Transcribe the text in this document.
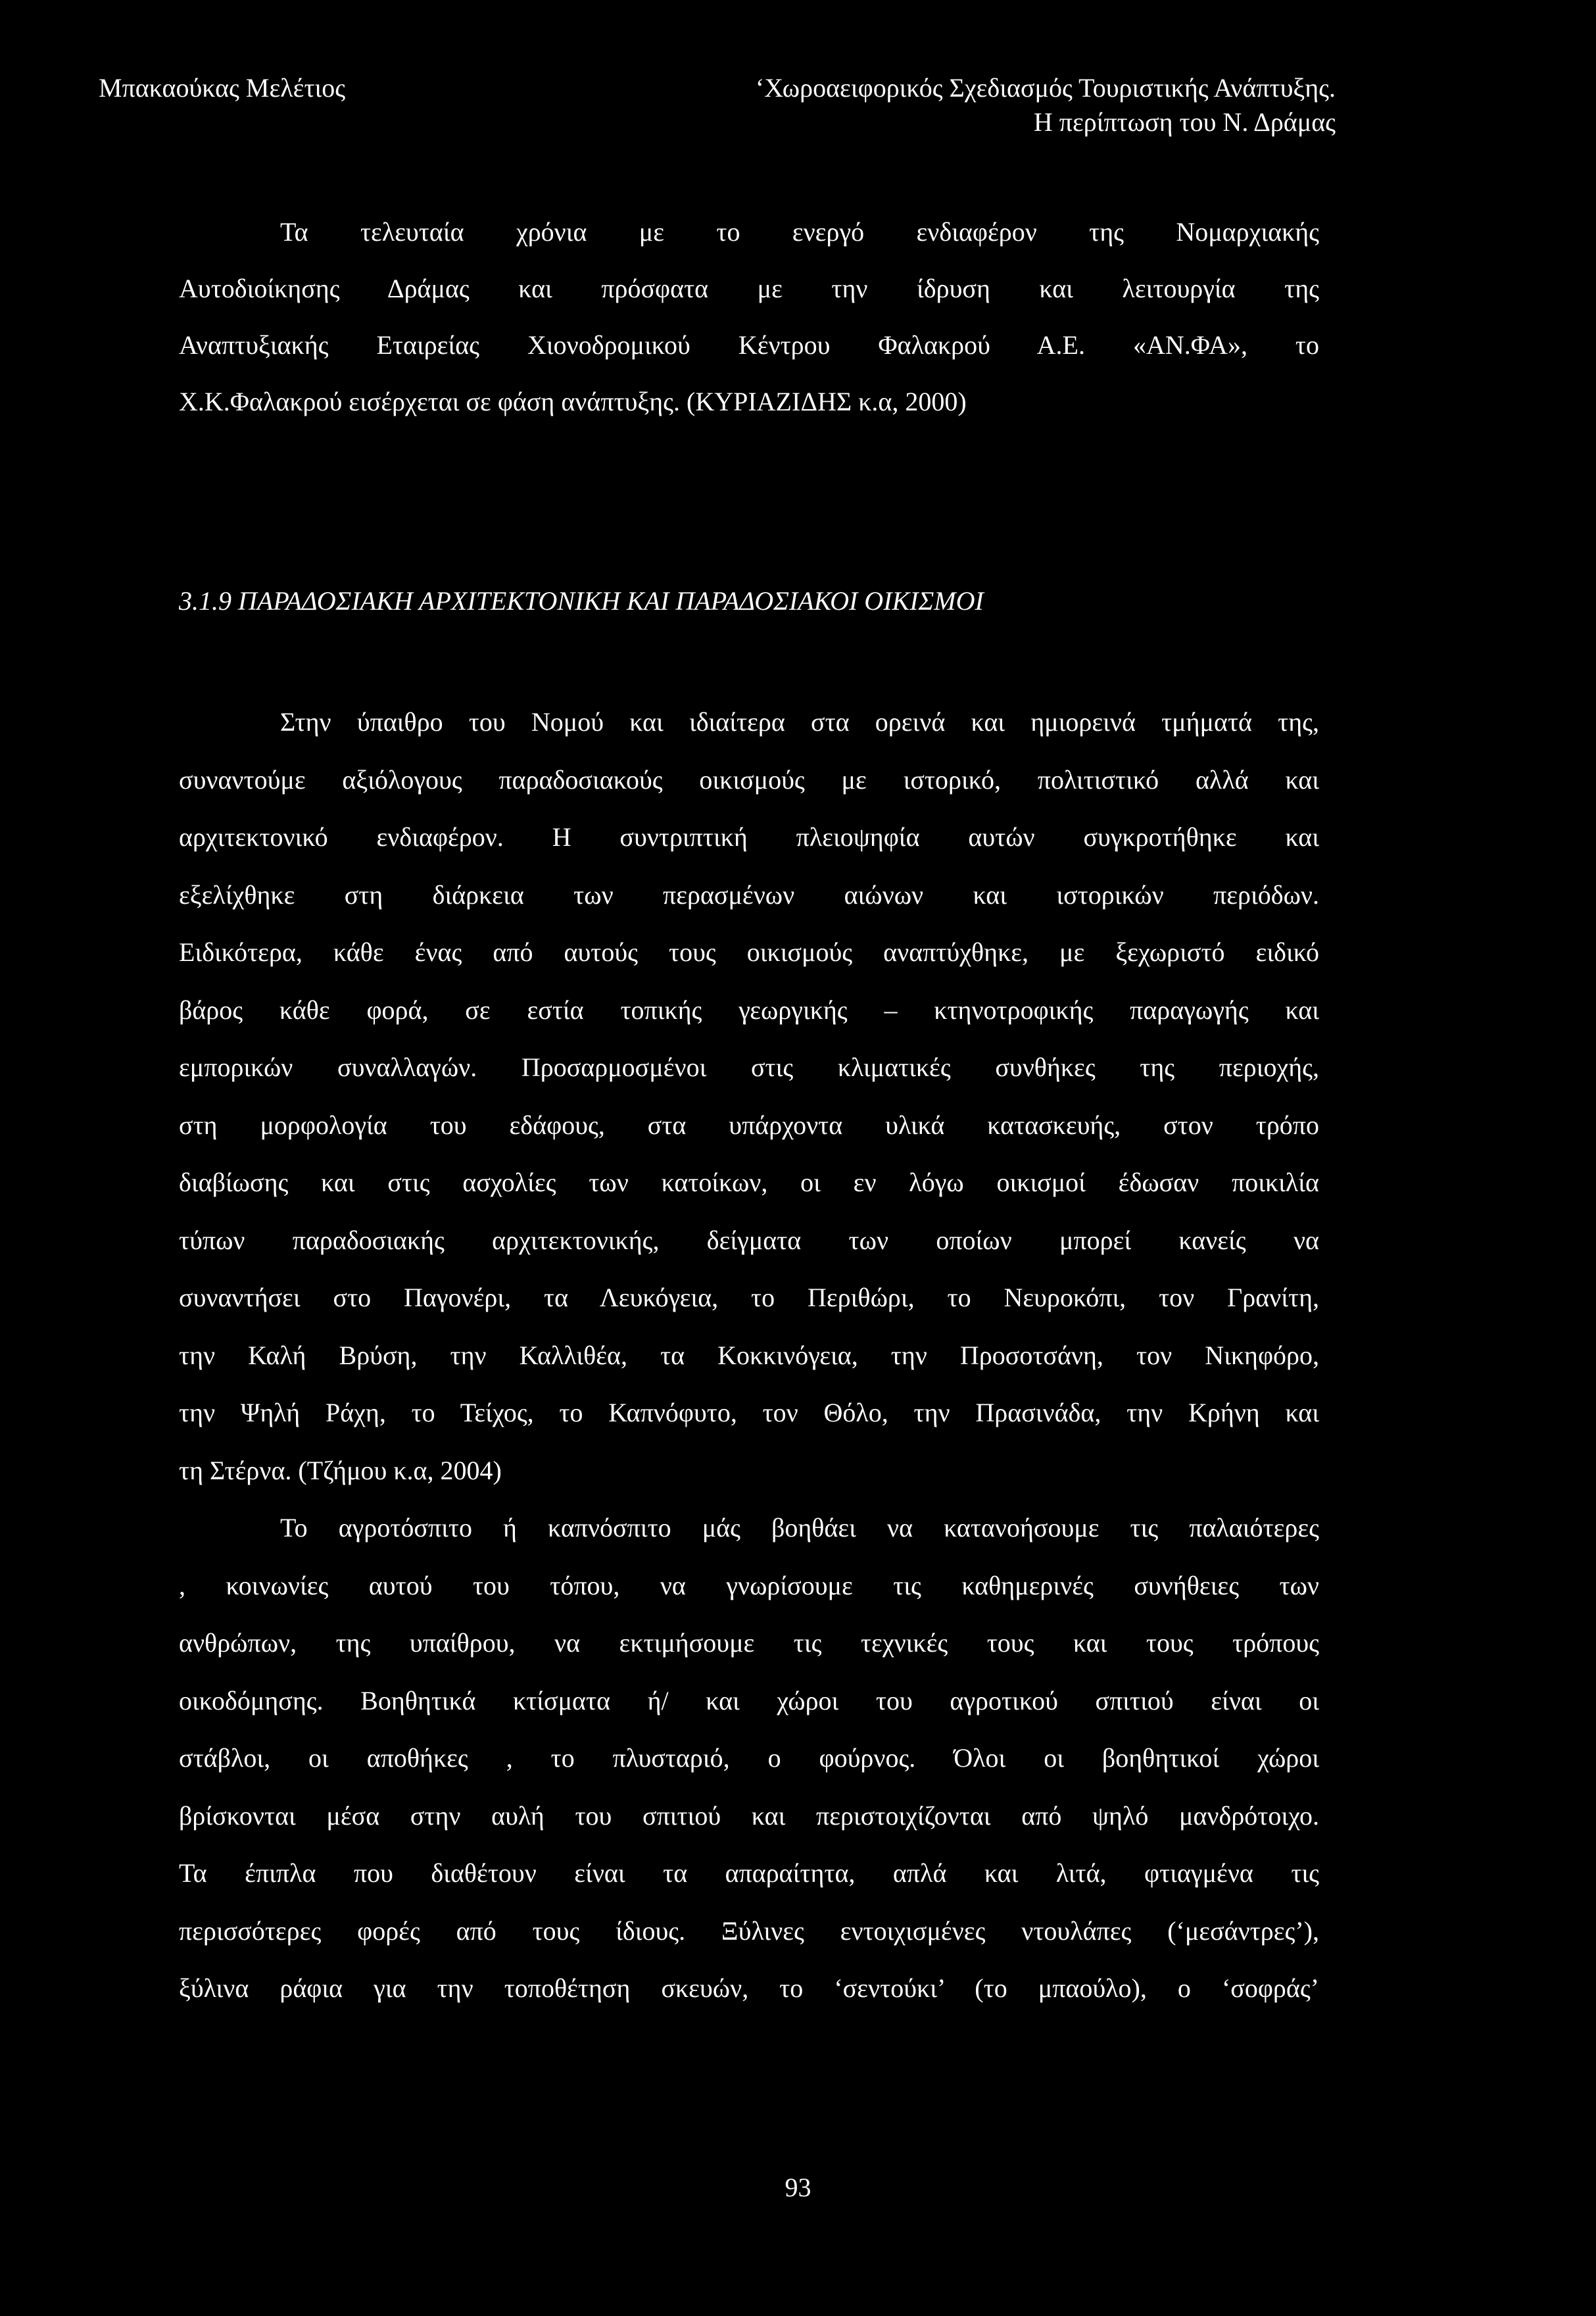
Μπακαούκας Μελέτιος	‘Χωροαειφορικός Σχεδιασμός Τουριστικής Ανάπτυξης.
Η περίπτωση του Ν. Δράμας
Τα τελευταία χρόνια με το ενεργό ενδιαφέρον της Νομαρχιακής
Αυτοδιοίκησης Δράμας και πρόσφατα με την ίδρυση και λειτουργία της
Αναπτυξιακής Εταιρείας Χιονοδρομικού Κέντρου Φαλακρού Α.Ε. «ΑΝ.ΦΑ», το
Χ.Κ.Φαλακρού εισέρχεται σε φάση ανάπτυξης. (ΚΥΡΙΑΖΙΔΗΣ κ.α, 2000)
3.1.9 ΠΑΡΑΔΟΣΙΑΚΗ ΑΡΧΙΤΕΚΤΟΝΙΚΗ ΚΑΙ ΠΑΡΑΔΟΣΙΑΚΟΙ ΟΙΚΙΣΜΟΙ
Στην ύπαιθρο του Νομού και ιδιαίτερα στα ορεινά και ημιορεινά τμήματά της,
συναντούμε αξιόλογους παραδοσιακούς οικισμούς με ιστορικό, πολιτιστικό αλλά και
αρχιτεκτονικό ενδιαφέρον. Η συντριπτική πλειοψηφία αυτών συγκροτήθηκε και
εξελίχθηκε στη διάρκεια των περασμένων αιώνων και ιστορικών περιόδων.
Ειδικότερα, κάθε ένας από αυτούς τους οικισμούς αναπτύχθηκε, με ξεχωριστό ειδικό
βάρος κάθε φορά, σε εστία τοπικής γεωργικής – κτηνοτροφικής παραγωγής και
εμπορικών συναλλαγών. Προσαρμοσμένοι στις κλιματικές συνθήκες της περιοχής,
στη μορφολογία του εδάφους, στα υπάρχοντα υλικά κατασκευής, στον τρόπο
διαβίωσης και στις ασχολίες των κατοίκων, οι εν λόγω οικισμοί έδωσαν ποικιλία
τύπων παραδοσιακής αρχιτεκτονικής, δείγματα των οποίων μπορεί κανείς να
συναντήσει στο Παγονέρι, τα Λευκόγεια, το Περιθώρι, το Νευροκόπι, τον Γρανίτη,
την Καλή Βρύση, την Καλλιθέα, τα Κοκκινόγεια, την Προσοτσάνη, τον Νικηφόρο,
την Ψηλή Ράχη, το Τείχος, το Καπνόφυτο, τον Θόλο, την Πρασινάδα, την Κρήνη και
τη Στέρνα. (Τζήμου κ.α, 2004)
Το αγροτόσπιτο ή καπνόσπιτο μάς βοηθάει να κατανοήσουμε τις παλαιότερες
, κοινωνίες αυτού του τόπου, να γνωρίσουμε τις καθημερινές συνήθειες των
ανθρώπων, της υπαίθρου, να εκτιμήσουμε τις τεχνικές τους και τους τρόπους
οικοδόμησης. Βοηθητικά κτίσματα ή/ και χώροι του αγροτικού σπιτιού είναι οι
στάβλοι, οι αποθήκες , το πλυσταριό, ο φούρνος. Όλοι οι βοηθητικοί χώροι
βρίσκονται μέσα στην αυλή του σπιτιού και περιστοιχίζονται από ψηλό μανδρότοιχο.
Τα έπιπλα που διαθέτουν είναι τα απαραίτητα, απλά και λιτά, φτιαγμένα τις
περισσότερες φορές από τους ίδιους. Ξύλινες εντοιχισμένες ντουλάπες (‘μεσάντρες’),
ξύλινα ράφια για την τοποθέτηση σκευών, το ‘σεντούκι’ (το μπαούλο), ο ‘σοφράς’
93
